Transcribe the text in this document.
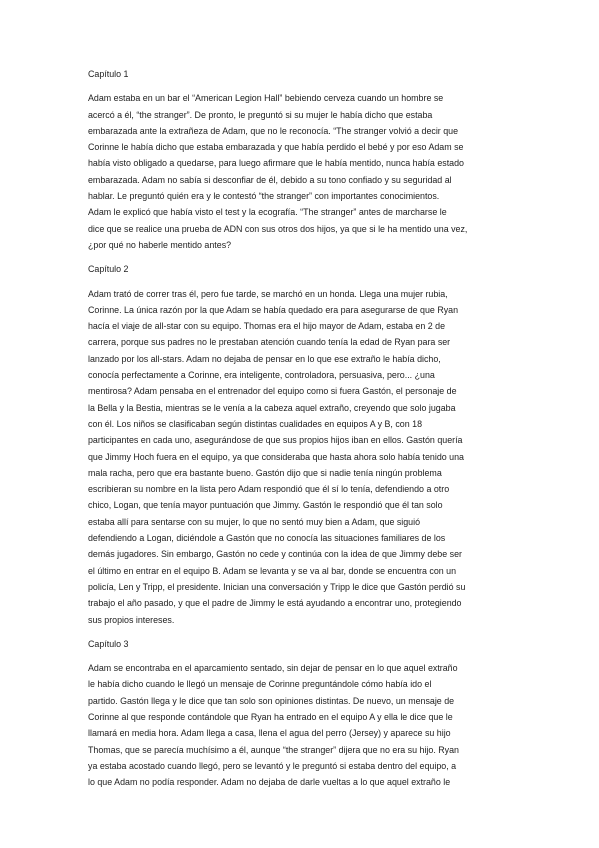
Capítulo 1
Adam estaba en un bar el “American Legion Hall” bebiendo cerveza cuando un hombre se
acercó a él, “the stranger”. De pronto, le preguntó si su mujer le había dicho que estaba
embarazada ante la extrañeza de Adam, que no le reconocía. “The stranger volvió a decir que
Corinne le había dicho que estaba embarazada y que había perdido el bebé y por eso Adam se
había visto obligado a quedarse, para luego afirmare que le había mentido, nunca había estado
embarazada. Adam no sabía si desconfiar de él, debido a su tono confiado y su seguridad al
hablar. Le preguntó quién era y le contestó “the stranger” con importantes conocimientos.
Adam le explicó que había visto el test y la ecografía. “The stranger” antes de marcharse le
dice que se realice una prueba de ADN con sus otros dos hijos, ya que si le ha mentido una vez,
¿por qué no haberle mentido antes?
Capítulo 2
Adam trató de correr tras él, pero fue tarde, se marchó en un honda. Llega una mujer rubia,
Corinne. La única razón por la que Adam se había quedado era para asegurarse de que Ryan
hacía el viaje de all-star con su equipo. Thomas era el hijo mayor de Adam, estaba en 2 de
carrera, porque sus padres no le prestaban atención cuando tenía la edad de Ryan para ser
lanzado por los all-stars. Adam no dejaba de pensar en lo que ese extraño le había dicho,
conocía perfectamente a Corinne, era inteligente, controladora, persuasiva, pero... ¿una
mentirosa? Adam pensaba en el entrenador del equipo como si fuera Gastón, el personaje de
la Bella y la Bestia, mientras se le venía a la cabeza aquel extraño, creyendo que solo jugaba
con él. Los niños se clasificaban según distintas cualidades en equipos A y B, con 18
participantes en cada uno, asegurándose de que sus propios hijos iban en ellos. Gastón quería
que Jimmy Hoch fuera en el equipo, ya que consideraba que hasta ahora solo había tenido una
mala racha, pero que era bastante bueno. Gastón dijo que si nadie tenía ningún problema
escribieran su nombre en la lista pero Adam respondió que él sí lo tenía, defendiendo a otro
chico, Logan, que tenía mayor puntuación que Jimmy. Gastón le respondió que él tan solo
estaba allí para sentarse con su mujer, lo que no sentó muy bien a Adam, que siguió
defendiendo a Logan, diciéndole a Gastón que no conocía las situaciones familiares de los
demás jugadores. Sin embargo, Gastón no cede y continúa con la idea de que Jimmy debe ser
el último en entrar en el equipo B. Adam se levanta y se va al bar, donde se encuentra con un
policía, Len y Tripp, el presidente. Inician una conversación y Tripp le dice que Gastón perdió su
trabajo el año pasado, y que el padre de Jimmy le está ayudando a encontrar uno, protegiendo
sus propios intereses.
Capítulo 3
Adam se encontraba en el aparcamiento sentado, sin dejar de pensar en lo que aquel extraño
le había dicho cuando le llegó un mensaje de Corinne preguntándole cómo había ido el
partido. Gastón llega y le dice que tan solo son opiniones distintas. De nuevo, un mensaje de
Corinne al que responde contándole que Ryan ha entrado en el equipo A y ella le dice que le
llamará en media hora. Adam llega a casa, llena el agua del perro (Jersey) y aparece su hijo
Thomas, que se parecía muchísimo a él, aunque “the stranger” dijera que no era su hijo. Ryan
ya estaba acostado cuando llegó, pero se levantó y le preguntó si estaba dentro del equipo, a
lo que Adam no podía responder. Adam no dejaba de darle vueltas a lo que aquel extraño le
